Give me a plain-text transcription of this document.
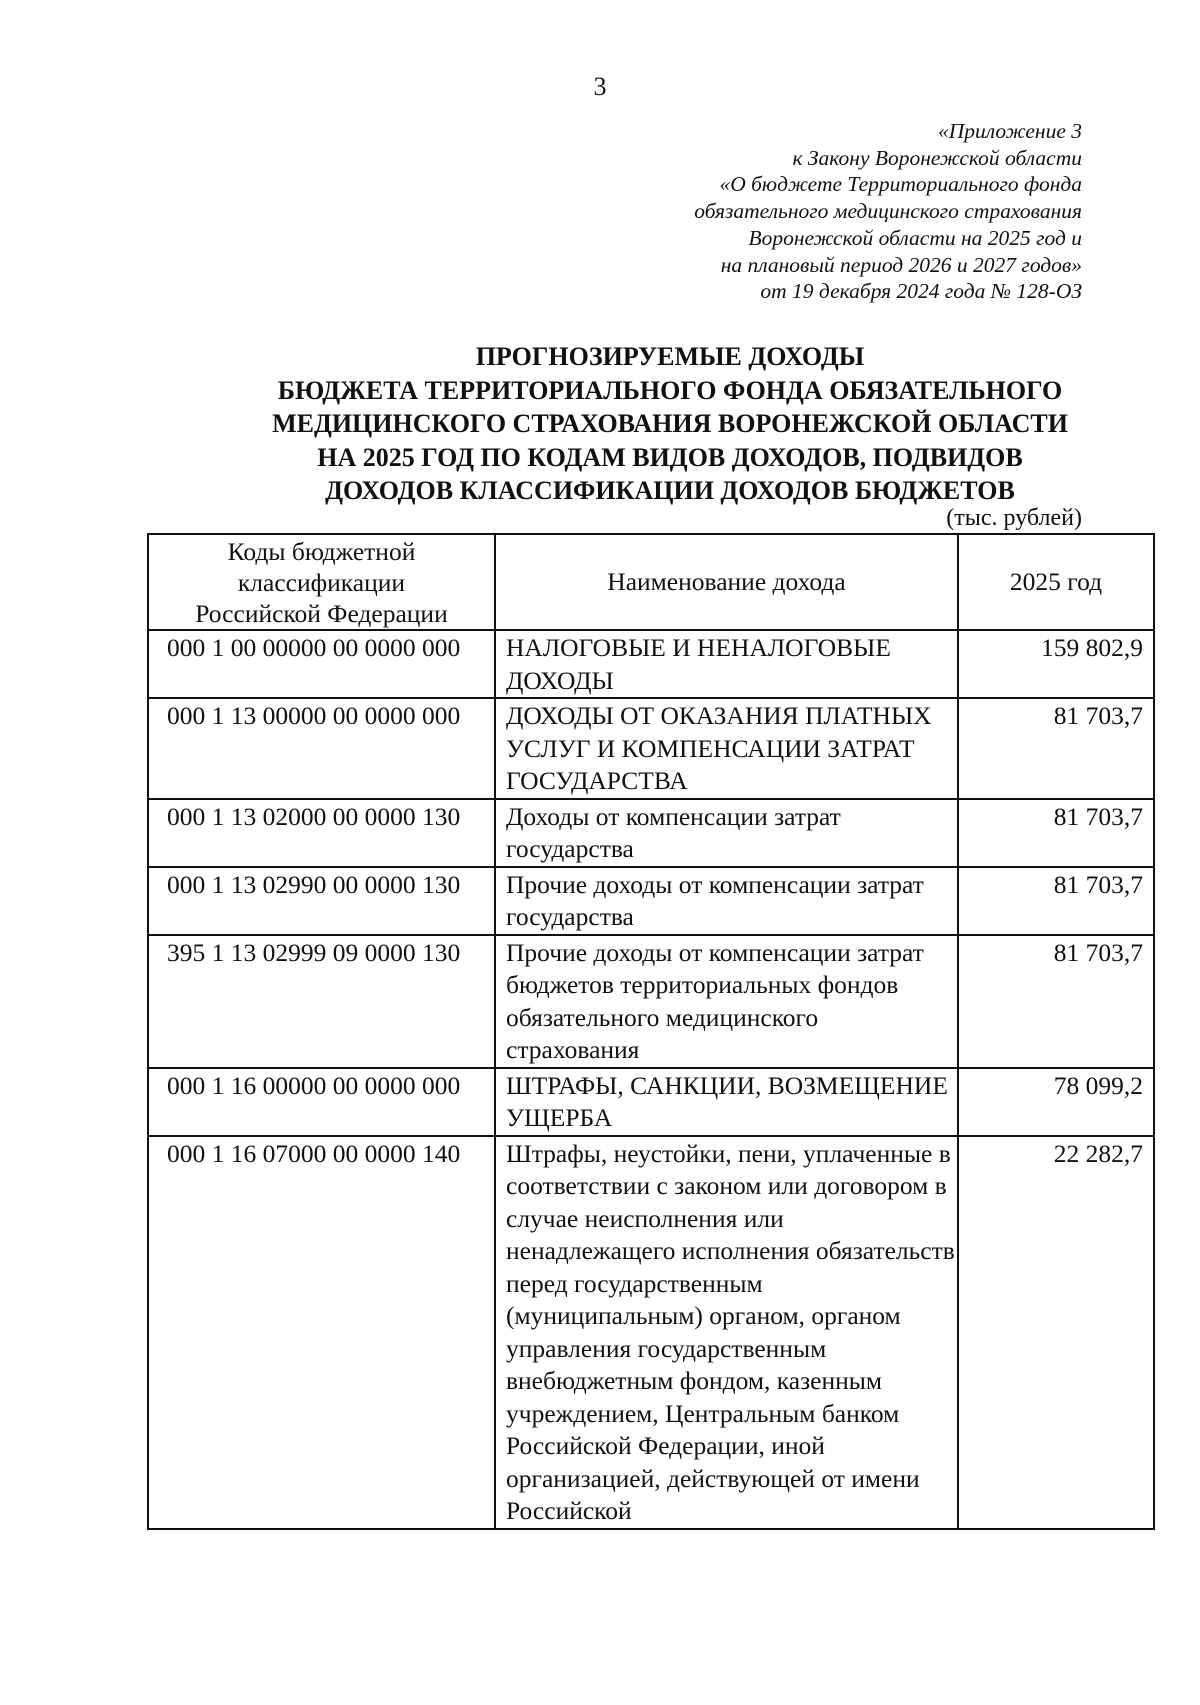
3
«Приложение 3
к Закону Воронежской области
«О бюджете Территориального фонда
обязательного медицинского страхования
Воронежской области на 2025 год и
на плановый период 2026 и 2027 годов»
от 19 декабря 2024 года № 128-ОЗ
ПРОГНОЗИРУЕМЫЕ ДОХОДЫ
БЮДЖЕТА ТЕРРИТОРИАЛЬНОГО ФОНДА ОБЯЗАТЕЛЬНОГО
МЕДИЦИНСКОГО СТРАХОВАНИЯ ВОРОНЕЖСКОЙ ОБЛАСТИ
НА 2025 ГОД ПО КОДАМ ВИДОВ ДОХОДОВ, ПОДВИДОВ
ДОХОДОВ КЛАССИФИКАЦИИ ДОХОДОВ БЮДЖЕТОВ
(тыс. рублей)
Коды бюджетной
классификации
Российской Федерации	Наименование дохода	2025 год
000 1 00 00000 00 0000 000	НАЛОГОВЫЕ И НЕНАЛОГОВЫЕ ДОХОДЫ	159 802,9
000 1 13 00000 00 0000 000	ДОХОДЫ ОТ ОКАЗАНИЯ ПЛАТНЫХ УСЛУГ И КОМПЕНСАЦИИ ЗАТРАТ ГОСУДАРСТВА	81 703,7
000 1 13 02000 00 0000 130	Доходы от компенсации затрат государства	81 703,7
000 1 13 02990 00 0000 130	Прочие доходы от компенсации затрат государства	81 703,7
395 1 13 02999 09 0000 130	Прочие доходы от компенсации затрат бюджетов территориальных фондов обязательного медицинского страхования	81 703,7
000 1 16 00000 00 0000 000	ШТРАФЫ, САНКЦИИ, ВОЗМЕЩЕНИЕ УЩЕРБА	78 099,2
000 1 16 07000 00 0000 140	Штрафы, неустойки, пени, уплаченные в соответствии с законом или договором в случае неисполнения или ненадлежащего исполнения обязательств перед государственным (муниципальным) органом, органом управления государственным внебюджетным фондом, казенным учреждением, Центральным банком Российской Федерации, иной организацией, действующей от имени Российской	22 282,7
